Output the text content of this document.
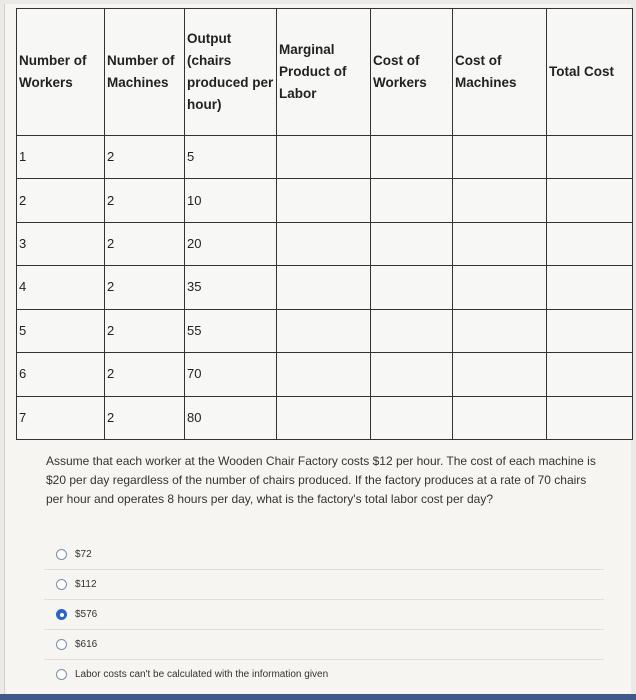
Number of Workers	Number of Machines	Output (chairs produced per hour)	Marginal Product of Labor	Cost of Workers	Cost of Machines	Total Cost
1	2	5				
2	2	10				
3	2	20				
4	2	35				
5	2	55				
6	2	70				
7	2	80				
Assume that each worker at the Wooden Chair Factory costs $12 per hour. The cost of each machine is $20 per day regardless of the number of chairs produced. If the factory produces at a rate of 70 chairs per hour and operates 8 hours per day, what is the factory's total labor cost per day?
$72
$112
$576
$616
Labor costs can't be calculated with the information given
